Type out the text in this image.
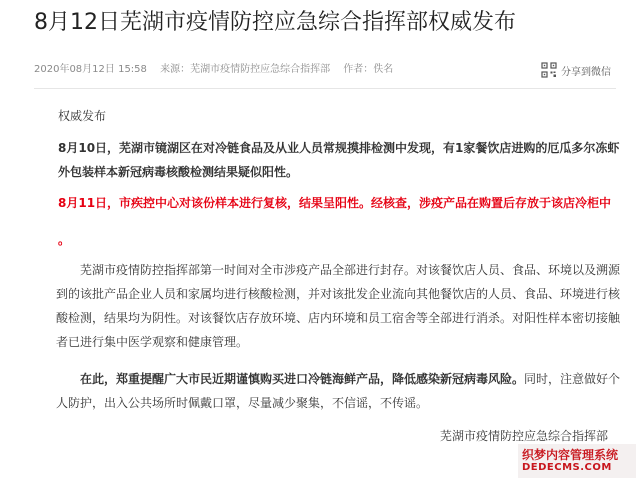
8月12日芜湖市疫情防控应急综合指挥部权威发布
2020年08月12日 15:58 来源：芜湖市疫情防控应急综合指挥部 作者：佚名	分享到微信
权威发布
8月10日，芜湖市镜湖区在对冷链食品及从业人员常规摸排检测中发现，有1家餐饮店进购的厄瓜多尔冻虾外包装样本新冠病毒核酸检测结果疑似阳性。
8月11日，市疾控中心对该份样本进行复核，结果呈阳性。经核查，涉疫产品在购置后存放于该店冷柜中
。
芜湖市疫情防控指挥部第一时间对全市涉疫产品全部进行封存。对该餐饮店人员、食品、环境以及溯源到的该批产品企业人员和家属均进行核酸检测，并对该批发企业流向其他餐饮店的人员、食品、环境进行核酸检测，结果均为阴性。对该餐饮店存放环境、店内环境和员工宿舍等全部进行消杀。对阳性样本密切接触者已进行集中医学观察和健康管理。
在此，郑重提醒广大市民近期谨慎购买进口冷链海鲜产品，降低感染新冠病毒风险。同时，注意做好个人防护，出入公共场所时佩戴口罩，尽量减少聚集，不信谣，不传谣。
芜湖市疫情防控应急综合指挥部
织梦内容管理系统
DEDECMS.COM
